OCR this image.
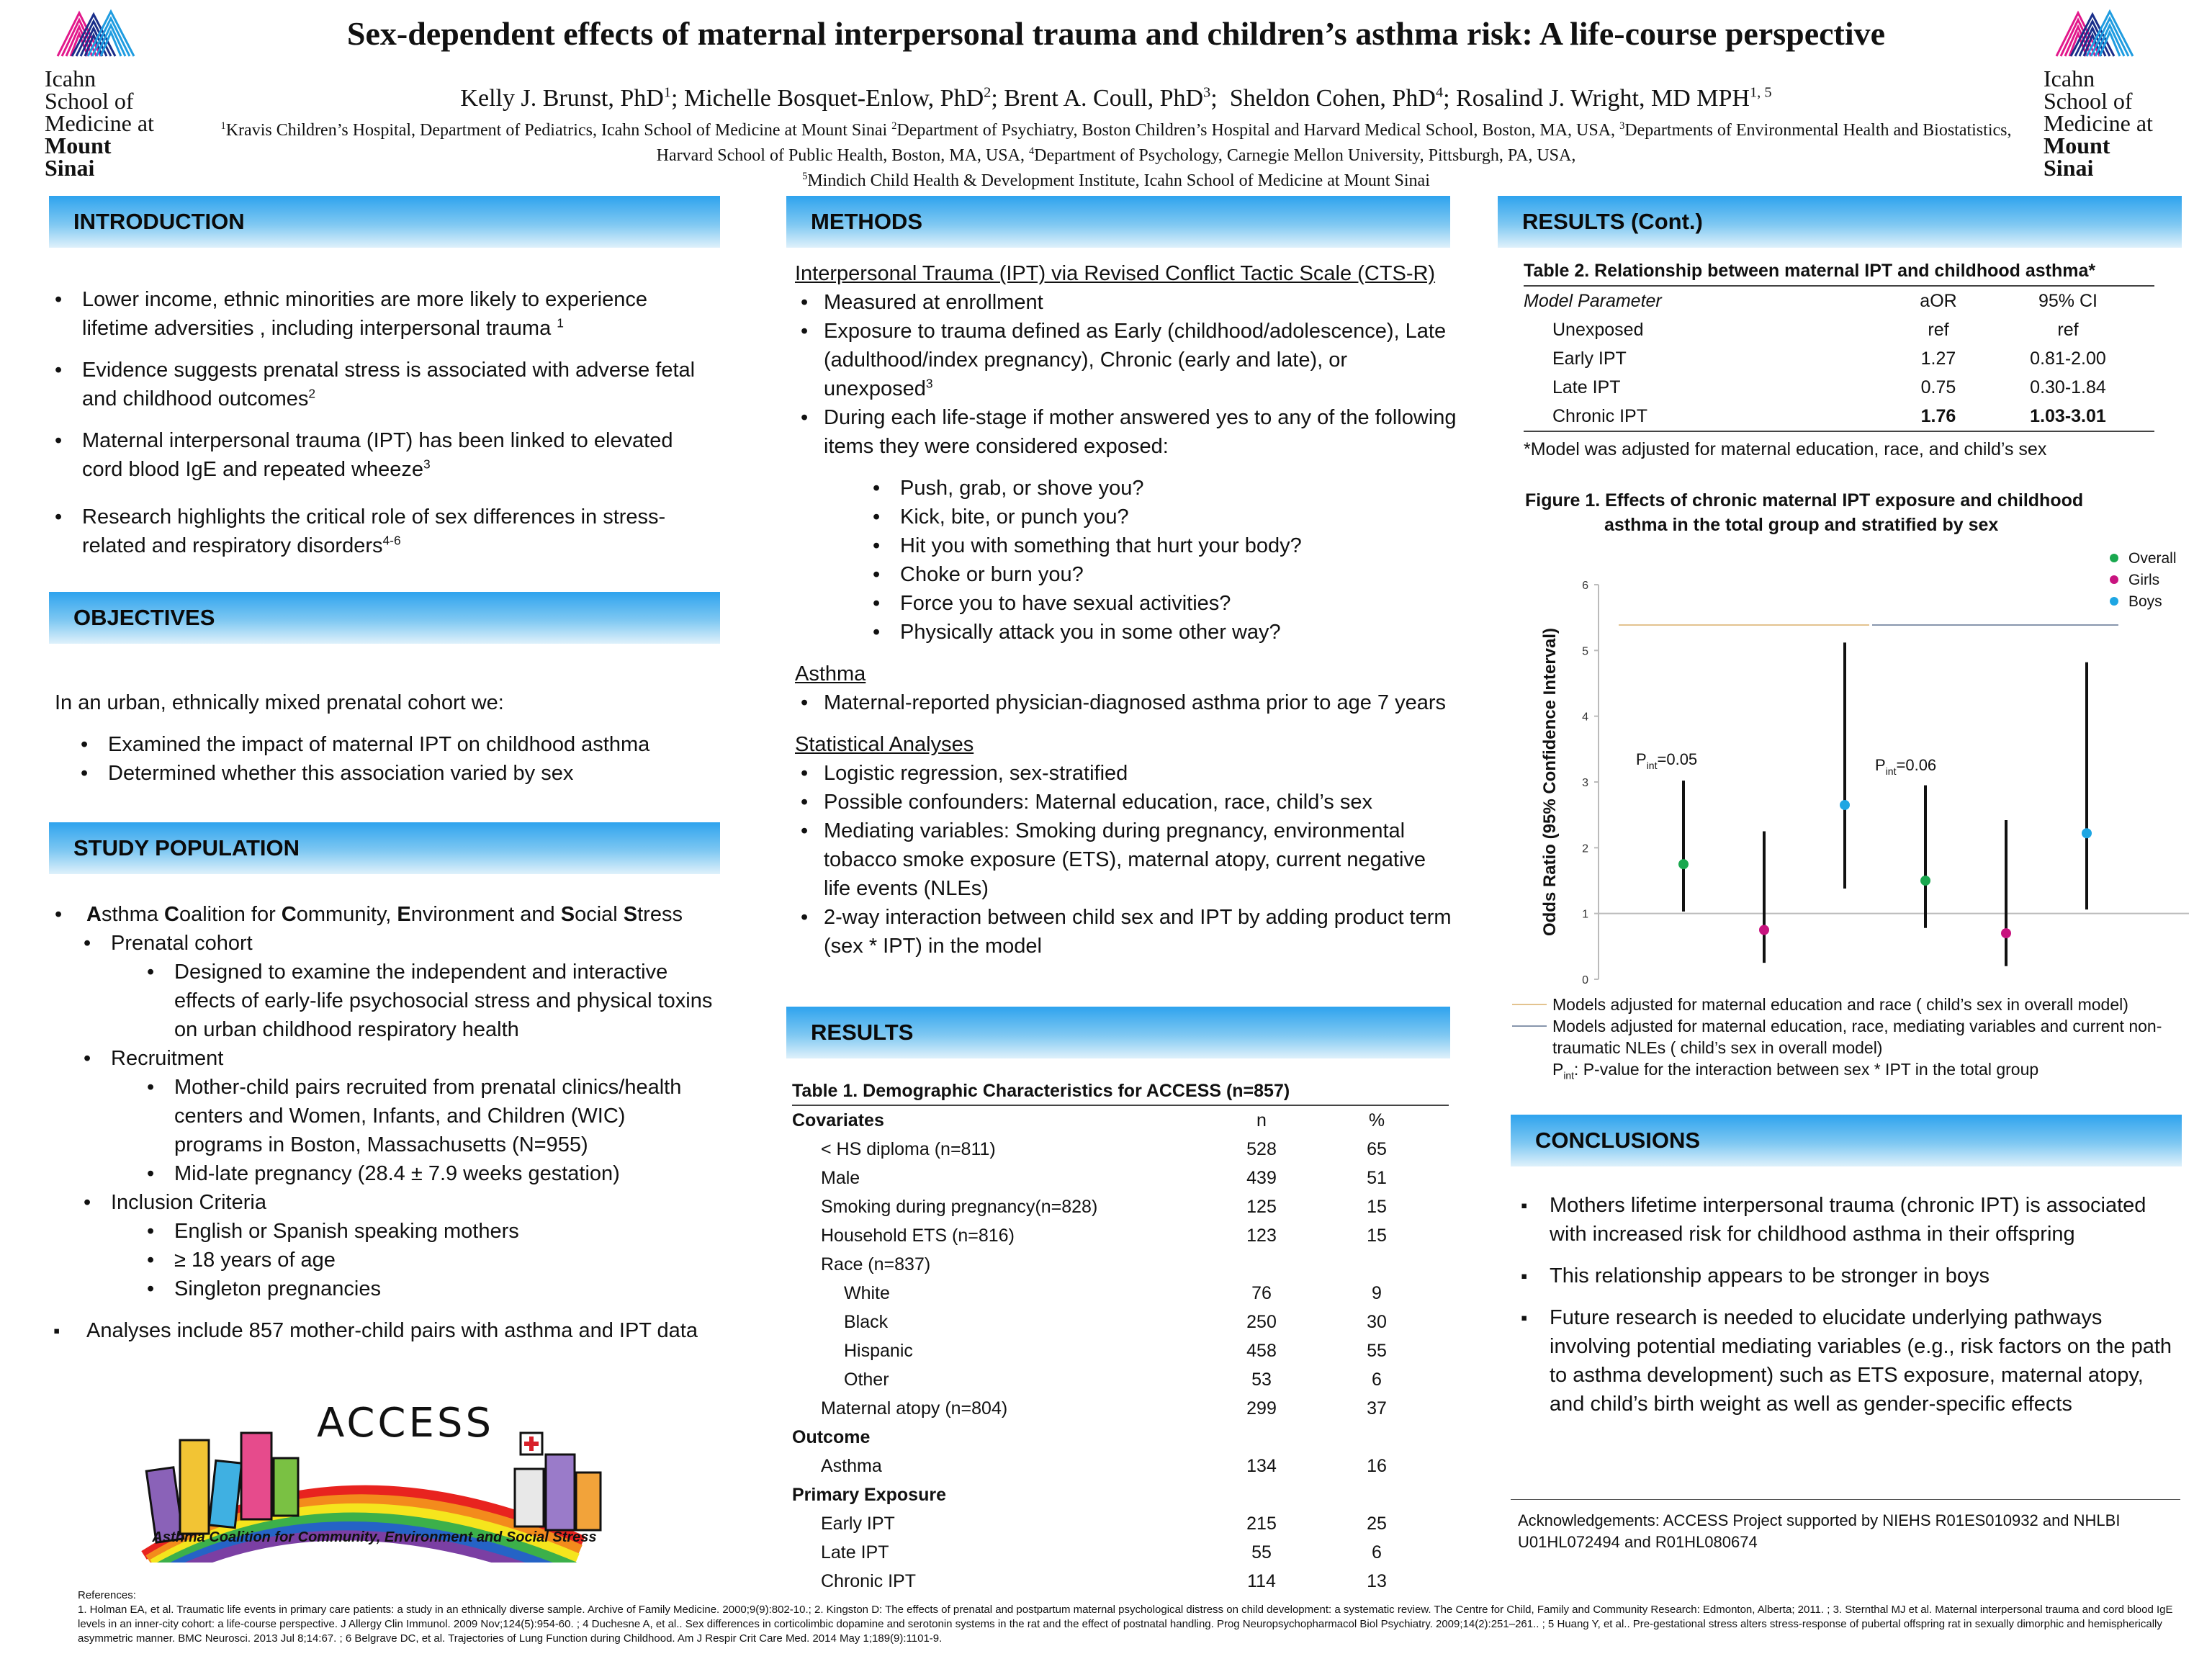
Icahn
School of
Medicine at
Mount
Sinai
Icahn
School of
Medicine at
Mount
Sinai
Sex-dependent effects of maternal interpersonal trauma and children’s asthma risk: A life-course perspective
Kelly J. Brunst, PhD$^1$; Michelle Bosquet-Enlow, PhD$^2$; Brent A. Coull, PhD$^3$;  Sheldon Cohen, PhD$^4$; Rosalind J. Wright, MD MPH$^{1, 5}$
$^1$Kravis Children’s Hospital, Department of Pediatrics, Icahn School of Medicine at Mount Sinai $^2$Department of Psychiatry, Boston Children’s Hospital and Harvard Medical School, Boston, MA, USA, $^3$Departments of Environmental Health and Biostatistics, Harvard School of Public Health, Boston, MA, USA, $^4$Department of Psychology, Carnegie Mellon University, Pittsburgh, PA, USA,
$^5$Mindich Child Health & Development Institute, Icahn School of Medicine at Mount Sinai
INTRODUCTION
• Lower income, ethnic minorities are more likely to experience lifetime adversities , including interpersonal trauma $^1$
• Evidence suggests prenatal stress is associated with adverse fetal and childhood outcomes$^2$
• Maternal interpersonal trauma (IPT) has been linked to elevated cord blood IgE and repeated wheeze$^3$
• Research highlights the critical role of sex differences in stress-related and respiratory disorders$^{4-6}$
OBJECTIVES
In an urban, ethnically mixed prenatal cohort we:
• Examined the impact of maternal IPT on childhood asthma
• Determined whether this association varied by sex
STUDY POPULATION
• Asthma Coalition for Community, Environment and Social Stress
• Prenatal cohort
• Designed to examine the independent and interactive effects of early-life psychosocial stress and physical toxins on urban childhood respiratory health
• Recruitment
• Mother-child pairs recruited from prenatal clinics/health centers and Women, Infants, and Children (WIC) programs in Boston, Massachusetts (N=955)
• Mid-late pregnancy (28.4 ± 7.9 weeks gestation)
• Inclusion Criteria
• English or Spanish speaking mothers
• ≥ 18 years of age
• Singleton pregnancies
▪ Analyses include 857 mother-child pairs with asthma and IPT data
ACCESS
Asthma Coalition for Community, Environment and Social Stress
METHODS
Interpersonal Trauma (IPT) via Revised Conflict Tactic Scale (CTS-R)
• Measured at enrollment
• Exposure to trauma defined as Early (childhood/adolescence), Late (adulthood/index pregnancy), Chronic (early and late), or unexposed$^3$
• During each life-stage if mother answered yes to any of the following items they were considered exposed:
• Push, grab, or shove you?
• Kick, bite, or punch you?
• Hit you with something that hurt your body?
• Choke or burn you?
• Force you to have sexual activities?
• Physically attack you in some other way?
Asthma
• Maternal-reported physician-diagnosed asthma prior to age 7 years
Statistical Analyses
• Logistic regression, sex-stratified
• Possible confounders: Maternal education, race, child’s sex
• Mediating variables: Smoking during pregnancy, environmental tobacco smoke exposure (ETS), maternal atopy, current negative life events (NLEs)
• 2-way interaction between child sex and IPT by adding product term (sex * IPT) in the model
RESULTS
Table 1. Demographic Characteristics for ACCESS (n=857)
Covariates	n	%
< HS diploma (n=811)	528	65
Male	439	51
Smoking during pregnancy(n=828)	125	15
Household ETS (n=816)	123	15
Race (n=837)		
White	76	9
Black	250	30
Hispanic	458	55
Other	53	6
Maternal atopy (n=804)	299	37
Outcome		
Asthma	134	16
Primary Exposure		
Early IPT	215	25
Late IPT	55	6
Chronic IPT	114	13
RESULTS (Cont.)
Table 2. Relationship between maternal IPT and childhood asthma*
Model Parameter	aOR	95% CI
Unexposed	ref	ref
Early IPT	1.27	0.81-2.00
Late IPT	0.75	0.30-1.84
Chronic IPT	1.76	1.03-3.01
*Model was adjusted for maternal education, race, and child’s sex
Figure 1. Effects of chronic maternal IPT exposure and childhood
asthma in the total group and stratified by sex
0
1
2
3
4
5
6
Odds Ratio (95% Confidence Interval)	$P_{int}=0.05$	$P_{int}=0.06$
Overall
Girls
Boys
Models adjusted for maternal education and race ( child’s sex in overall model)
Models adjusted for maternal education, race, mediating variables and current non-traumatic NLEs ( child’s sex in overall model)
$P_{int}$: P-value for the interaction between sex * IPT in the total group
CONCLUSIONS
▪ Mothers lifetime interpersonal trauma (chronic IPT) is associated with increased risk for childhood asthma in their offspring
▪ This relationship appears to be stronger in boys
▪ Future research is needed to elucidate underlying pathways involving potential mediating variables (e.g., risk factors on the path to asthma development) such as ETS exposure, maternal atopy, and child’s birth weight as well as gender-specific effects
Acknowledgements: ACCESS Project supported by NIEHS R01ES010932 and NHLBI U01HL072494 and R01HL080674
References:
1. Holman EA, et al. Traumatic life events in primary care patients: a study in an ethnically diverse sample. Archive of Family Medicine. 2000;9(9):802-10.; 2. Kingston D: The effects of prenatal and postpartum maternal psychological distress on child development: a systematic review. The Centre for Child, Family and Community Research: Edmonton, Alberta; 2011. ; 3. Sternthal MJ et al. Maternal interpersonal trauma and cord blood IgE levels in an inner-city cohort: a life-course perspective. J Allergy Clin Immunol. 2009 Nov;124(5):954-60. ; 4 Duchesne A, et al.. Sex differences in corticolimbic dopamine and serotonin systems in the rat and the effect of postnatal handling. Prog Neuropsychopharmacol Biol Psychiatry. 2009;14(2):251–261.. ; 5 Huang Y, et al.. Pre-gestational stress alters stress-response of pubertal offspring rat in sexually dimorphic and hemispherically asymmetric manner. BMC Neurosci. 2013 Jul 8;14:67. ; 6 Belgrave DC, et al. Trajectories of Lung Function during Childhood. Am J Respir Crit Care Med. 2014 May 1;189(9):1101-9.
